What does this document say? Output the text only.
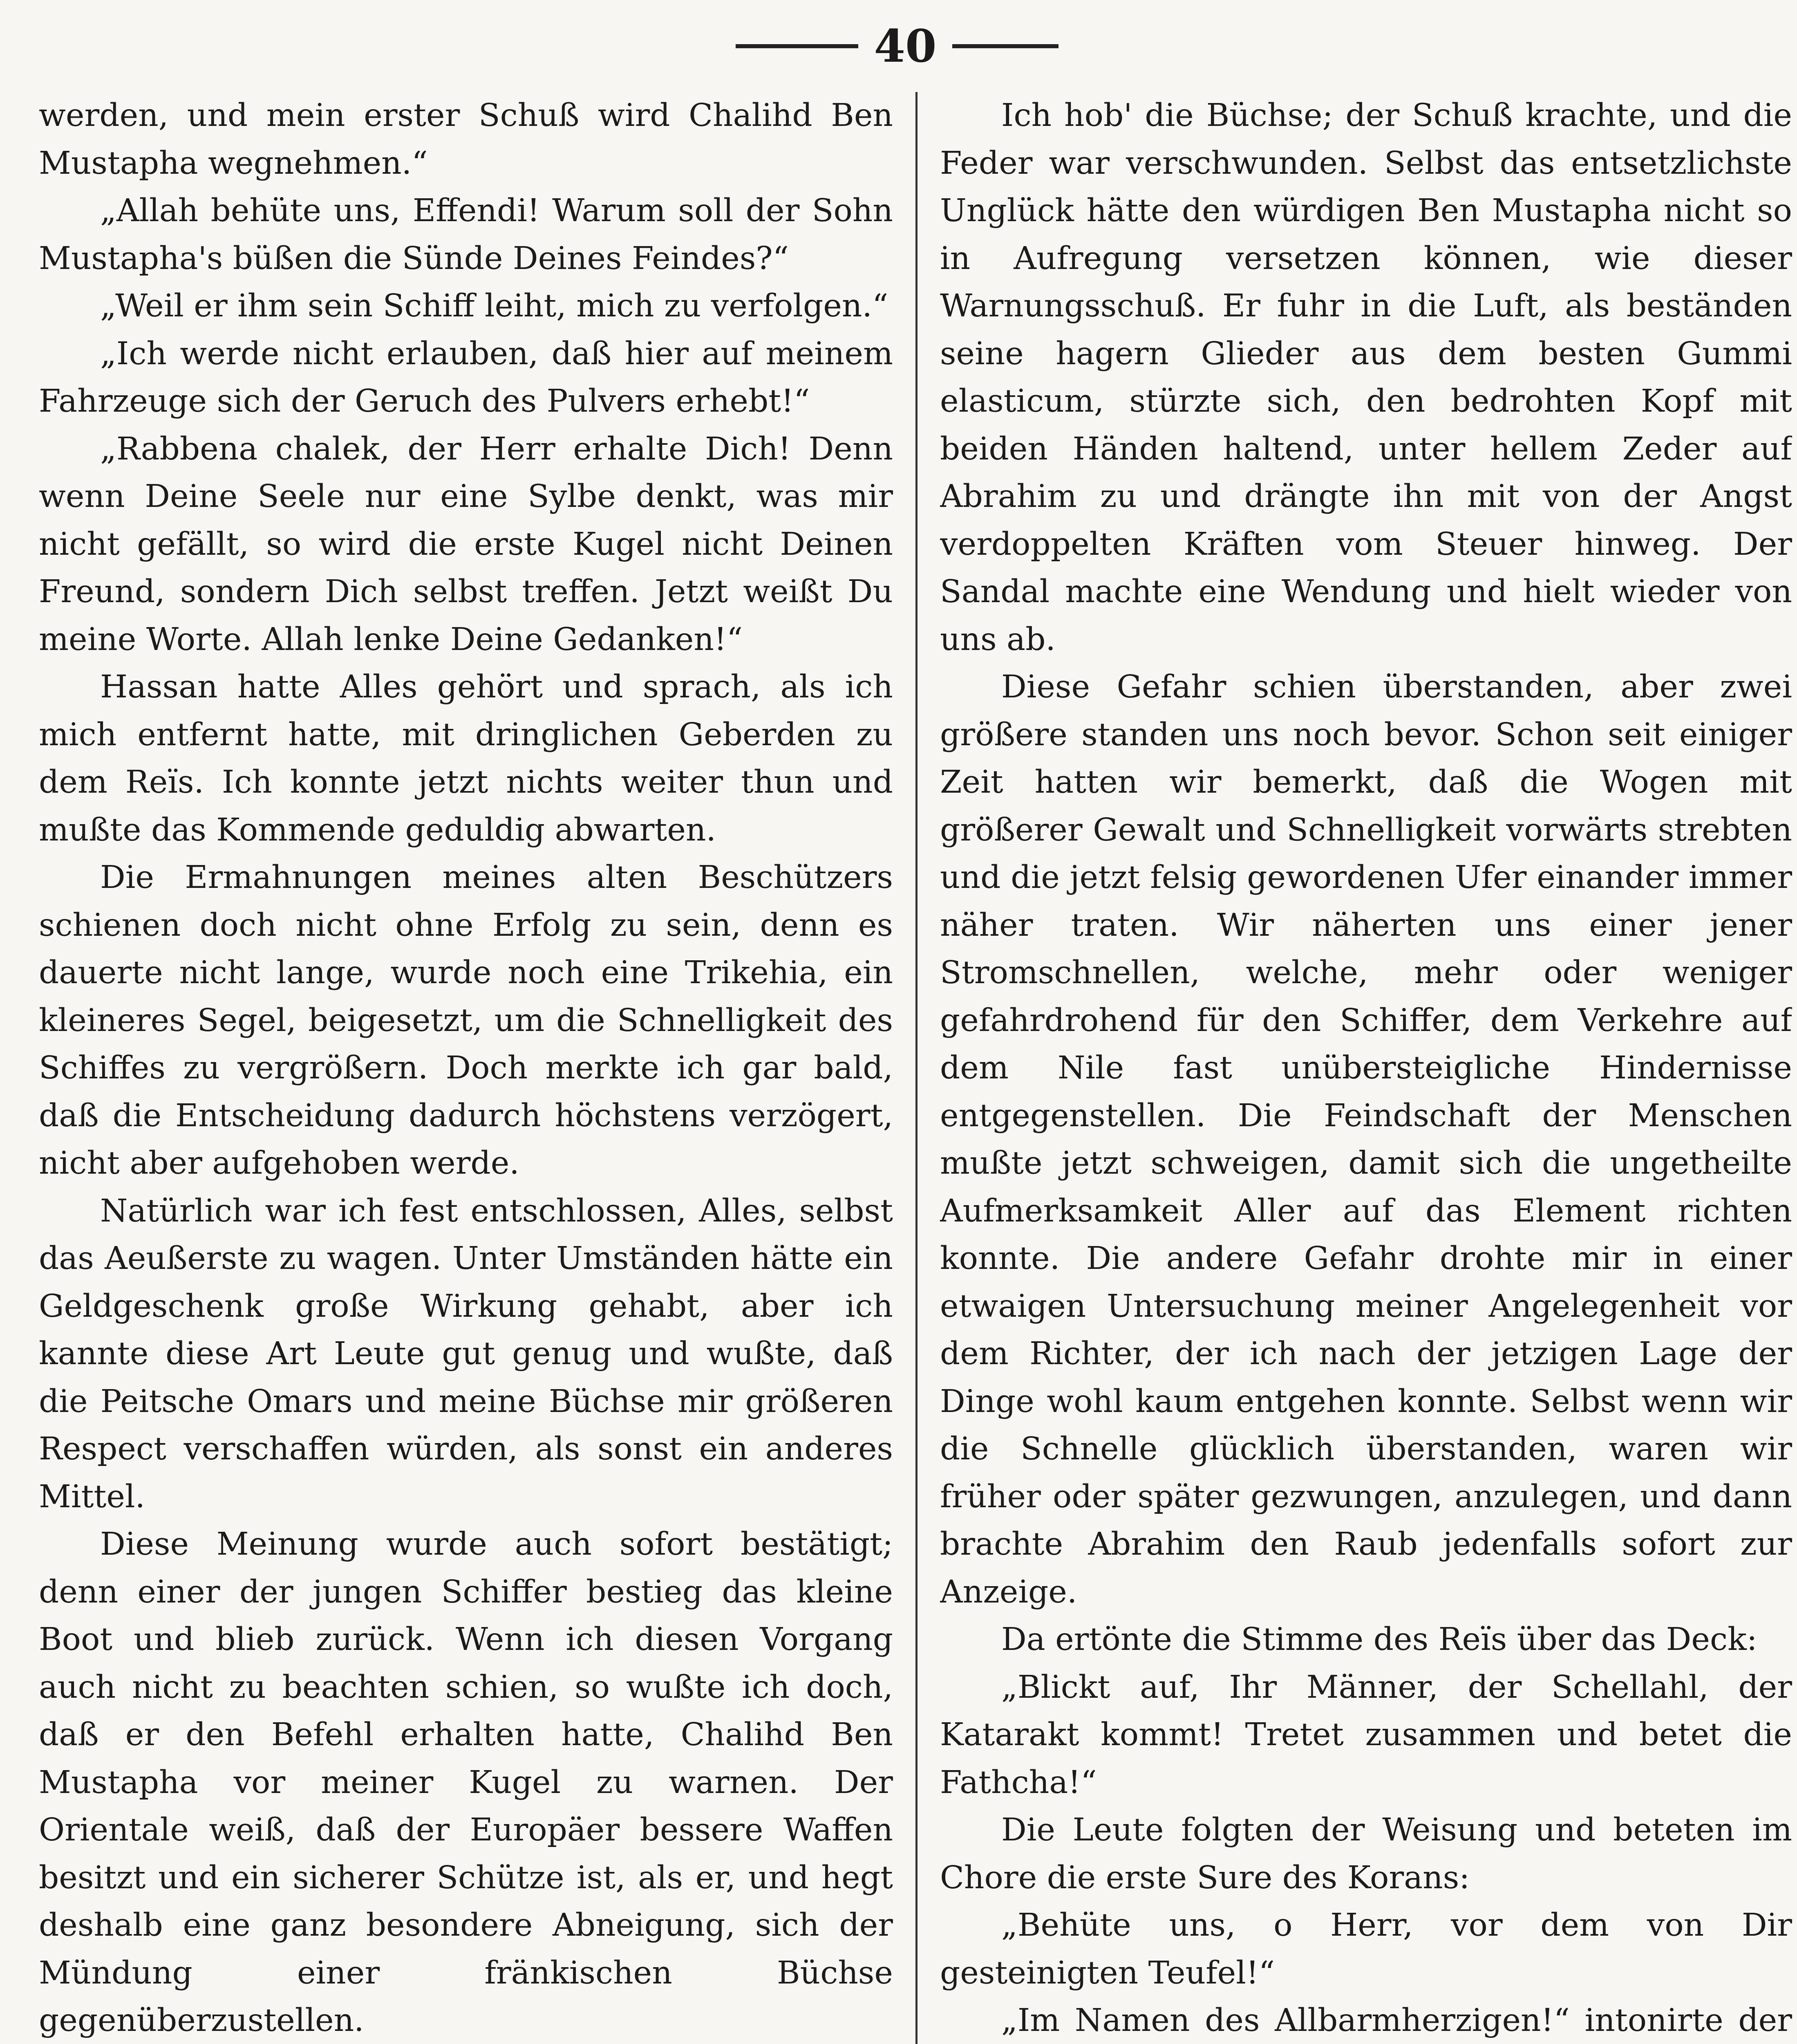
40

werden, und mein erster Schuß wird Chalihd Ben Mustapha wegnehmen.“

„Allah behüte uns, Effendi! Warum soll der Sohn Mustapha's büßen die Sünde Deines Feindes?“

„Weil er ihm sein Schiff leiht, mich zu verfolgen.“

„Ich werde nicht erlauben, daß hier auf meinem Fahrzeuge sich der Geruch des Pulvers erhebt!“

„Rabbena chalek, der Herr erhalte Dich! Denn wenn Deine Seele nur eine Sylbe denkt, was mir nicht gefällt, so wird die erste Kugel nicht Deinen Freund, sondern Dich selbst treffen. Jetzt weißt Du meine Worte. Allah lenke Deine Gedanken!“

Hassan hatte Alles gehört und sprach, als ich mich entfernt hatte, mit dringlichen Geberden zu dem Reïs. Ich konnte jetzt nichts weiter thun und mußte das Kommende geduldig abwarten.

Die Ermahnungen meines alten Beschützers schienen doch nicht ohne Erfolg zu sein, denn es dauerte nicht lange, wurde noch eine Trikehia, ein kleineres Segel, beigesetzt, um die Schnelligkeit des Schiffes zu vergrößern. Doch merkte ich gar bald, daß die Entscheidung dadurch höchstens verzögert, nicht aber aufgehoben werde.

Natürlich war ich fest entschlossen, Alles, selbst das Aeußerste zu wagen. Unter Umständen hätte ein Geldgeschenk große Wirkung gehabt, aber ich kannte diese Art Leute gut genug und wußte, daß die Peitsche Omars und meine Büchse mir größeren Respect verschaffen würden, als sonst ein anderes Mittel.

Diese Meinung wurde auch sofort bestätigt; denn einer der jungen Schiffer bestieg das kleine Boot und blieb zurück. Wenn ich diesen Vorgang auch nicht zu beachten schien, so wußte ich doch, daß er den Befehl erhalten hatte, Chalihd Ben Mustapha vor meiner Kugel zu warnen. Der Orientale weiß, daß der Europäer bessere Waffen besitzt und ein sicherer Schütze ist, als er, und hegt deshalb eine ganz besondere Abneigung, sich der Mündung einer fränkischen Büchse gegenüberzustellen.

Ich hob' die Büchse; der Schuß krachte, und die Feder war verschwunden. Selbst das entsetzlichste Unglück hätte den würdigen Ben Mustapha nicht so in Aufregung versetzen können, wie dieser Warnungsschuß. Er fuhr in die Luft, als beständen seine hagern Glieder aus dem besten Gummi elasticum, stürzte sich, den bedrohten Kopf mit beiden Händen haltend, unter hellem Zeder auf Abrahim zu und drängte ihn mit von der Angst verdoppelten Kräften vom Steuer hinweg. Der Sandal machte eine Wendung und hielt wieder von uns ab.

Diese Gefahr schien überstanden, aber zwei größere standen uns noch bevor. Schon seit einiger Zeit hatten wir bemerkt, daß die Wogen mit größerer Gewalt und Schnelligkeit vorwärts strebten und die jetzt felsig gewordenen Ufer einander immer näher traten. Wir näherten uns einer jener Stromschnellen, welche, mehr oder weniger gefahrdrohend für den Schiffer, dem Verkehre auf dem Nile fast unübersteigliche Hindernisse entgegenstellen. Die Feindschaft der Menschen mußte jetzt schweigen, damit sich die ungetheilte Aufmerksamkeit Aller auf das Element richten konnte. Die andere Gefahr drohte mir in einer etwaigen Untersuchung meiner Angelegenheit vor dem Richter, der ich nach der jetzigen Lage der Dinge wohl kaum entgehen konnte. Selbst wenn wir die Schnelle glücklich überstanden, waren wir früher oder später gezwungen, anzulegen, und dann brachte Abrahim den Raub jedenfalls sofort zur Anzeige.

Da ertönte die Stimme des Reïs über das Deck:

„Blickt auf, Ihr Männer, der Schellahl, der Katarakt kommt! Tretet zusammen und betet die Fathcha!“

Die Leute folgten der Weisung und beteten im Chore die erste Sure des Korans:

„Behüte uns, o Herr, vor dem von Dir gesteinigten Teufel!“

„Im Namen des Allbarmherzigen!“ intonirte der
